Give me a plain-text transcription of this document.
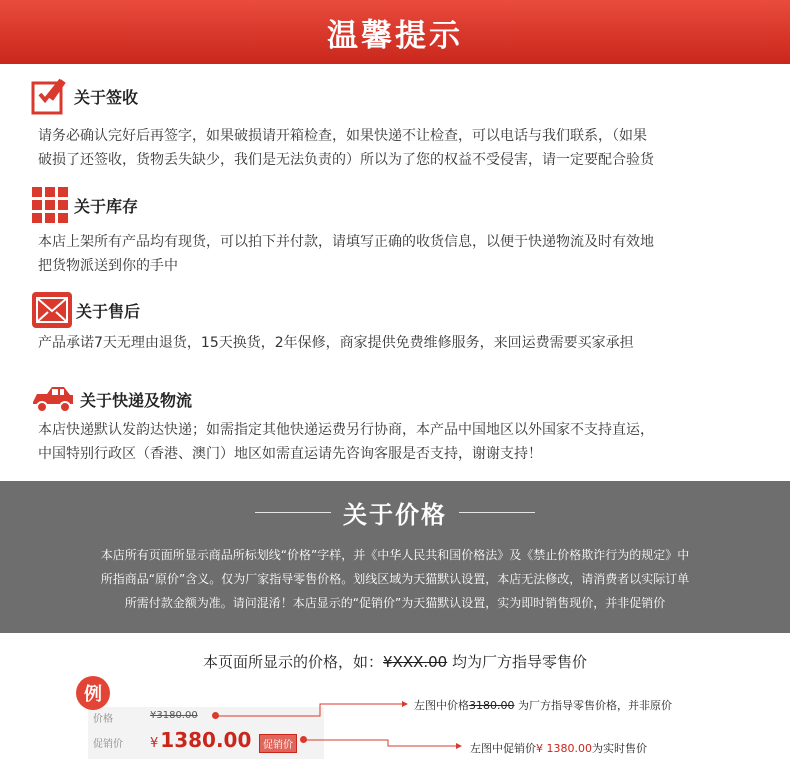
温馨提示
关于签收
请务必确认完好后再签字，如果破损请开箱检查，如果快递不让检查，可以电话与我们联系，（如果
破损了还签收，货物丢失缺少，我们是无法负责的）所以为了您的权益不受侵害，请一定要配合验货
关于库存
本店上架所有产品均有现货，可以拍下并付款，请填写正确的收货信息，以便于快递物流及时有效地
把货物派送到你的手中
关于售后
产品承诺7天无理由退货，15天换货，2年保修，商家提供免费维修服务，来回运费需要买家承担
关于快递及物流
本店快递默认发韵达快递；如需指定其他快递运费另行协商，本产品中国地区以外国家不支持直运，
中国特别行政区（香港、澳门）地区如需直运请先咨询客服是否支持，谢谢支持！
关于价格
本店所有页面所显示商品所标划线“价格”字样，并《中华人民共和国价格法》及《禁止价格欺诈行为的规定》中
所指商品“原价”含义。仅为厂家指导零售价格。划线区域为天猫默认设置，本店无法修改，请消费者以实际订单
所需付款金额为准。请问混淆！本店显示的“促销价”为天猫默认设置，实为即时销售现价，并非促销价
本页面所显示的价格，如：¥XXX.00 均为厂方指导零售价
例
价格	¥3180.00
促销价 ¥ 1380.00	促销价
左图中价格3180.00 为厂方指导零售价格，并非原价
左图中促销价¥ 1380.00为实时售价
